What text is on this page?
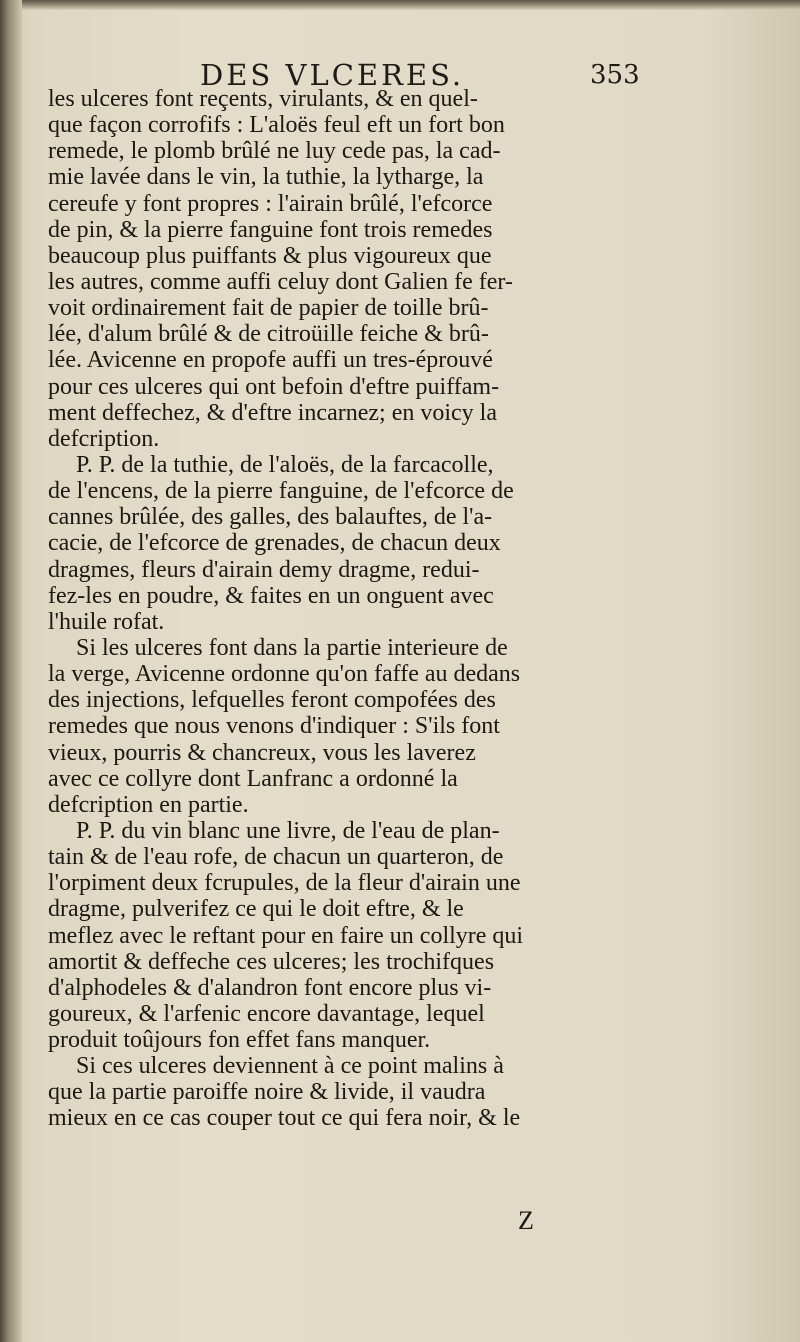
DES VLCERES.	353
les ulceres font reçents, virulants, & en quel-
que façon corrofifs : L'aloës feul eft un fort bon
remede, le plomb brûlé ne luy cede pas, la cad-
mie lavée dans le vin, la tuthie, la lytharge, la
cereufe y font propres : l'airain brûlé, l'efcorce
de pin, & la pierre fanguine font trois remedes
beaucoup plus puiffants & plus vigoureux que
les autres, comme auffi celuy dont Galien fe fer-
voit ordinairement fait de papier de toille brû-
lée, d'alum brûlé & de citroüille feiche & brû-
lée. Avicenne en propofe auffi un tres-éprouvé
pour ces ulceres qui ont befoin d'eftre puiffam-
ment deffechez, & d'eftre incarnez; en voicy la
defcription.
P. P. de la tuthie, de l'aloës, de la farcacolle,
de l'encens, de la pierre fanguine, de l'efcorce de
cannes brûlée, des galles, des balauftes, de l'a-
cacie, de l'efcorce de grenades, de chacun deux
dragmes, fleurs d'airain demy dragme, redui-
fez-les en poudre, & faites en un onguent avec
l'huile rofat.
Si les ulceres font dans la partie interieure de
la verge, Avicenne ordonne qu'on faffe au dedans
des injections, lefquelles feront compofées des
remedes que nous venons d'indiquer : S'ils font
vieux, pourris & chancreux, vous les laverez
avec ce collyre dont Lanfranc a ordonné la
defcription en partie.
P. P. du vin blanc une livre, de l'eau de plan-
tain & de l'eau rofe, de chacun un quarteron, de
l'orpiment deux fcrupules, de la fleur d'airain une
dragme, pulverifez ce qui le doit eftre, & le
meflez avec le reftant pour en faire un collyre qui
amortit & deffeche ces ulceres; les trochifques
d'alphodeles & d'alandron font encore plus vi-
goureux, & l'arfenic encore davantage, lequel
produit toûjours fon effet fans manquer.
Si ces ulceres deviennent à ce point malins à
que la partie paroiffe noire & livide, il vaudra
mieux en ce cas couper tout ce qui fera noir, & le
Z
